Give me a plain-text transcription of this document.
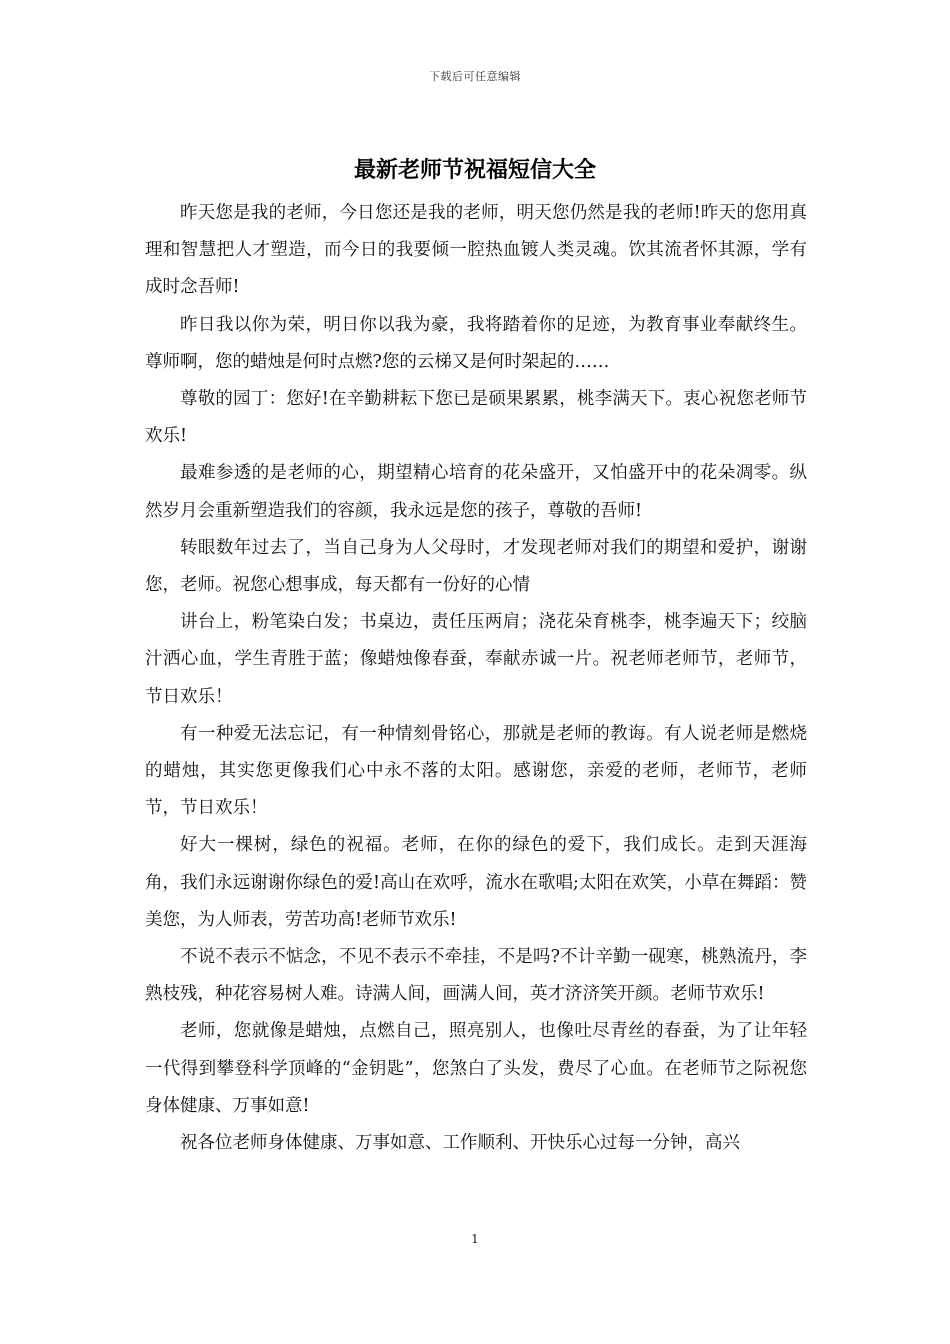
下载后可任意编辑
最新老师节祝福短信大全

昨天您是我的老师，今日您还是我的老师，明天您仍然是我的老师!昨天的您用真理和智慧把人才塑造，而今日的我要倾一腔热血镀人类灵魂。饮其流者怀其源，学有成时念吾师!

昨日我以你为荣，明日你以我为豪，我将踏着你的足迹，为教育事业奉献终生。尊师啊，您的蜡烛是何时点燃?您的云梯又是何时架起的……

尊敬的园丁：您好!在辛勤耕耘下您已是硕果累累，桃李满天下。衷心祝您老师节欢乐!

最难参透的是老师的心，期望精心培育的花朵盛开，又怕盛开中的花朵凋零。纵然岁月会重新塑造我们的容颜，我永远是您的孩子，尊敬的吾师!

转眼数年过去了，当自己身为人父母时，才发现老师对我们的期望和爱护，谢谢您，老师。祝您心想事成，每天都有一份好的心情

讲台上，粉笔染白发；书桌边，责任压两肩；浇花朵育桃李，桃李遍天下；绞脑汁洒心血，学生青胜于蓝；像蜡烛像春蚕，奉献赤诚一片。祝老师老师节，老师节，节日欢乐！

有一种爱无法忘记，有一种情刻骨铭心，那就是老师的教诲。有人说老师是燃烧的蜡烛，其实您更像我们心中永不落的太阳。感谢您，亲爱的老师，老师节，老师节，节日欢乐！

好大一棵树，绿色的祝福。老师，在你的绿色的爱下，我们成长。走到天涯海角，我们永远谢谢你绿色的爱!高山在欢呼，流水在歌唱;太阳在欢笑，小草在舞蹈：赞美您，为人师表，劳苦功高!老师节欢乐!

不说不表示不惦念，不见不表示不牵挂，不是吗?不计辛勤一砚寒，桃熟流丹，李熟枝残，种花容易树人难。诗满人间，画满人间，英才济济笑开颜。老师节欢乐!

老师，您就像是蜡烛，点燃自己，照亮别人，也像吐尽青丝的春蚕，为了让年轻一代得到攀登科学顶峰的“金钥匙”，您煞白了头发，费尽了心血。在老师节之际祝您身体健康、万事如意!

祝各位老师身体健康、万事如意、工作顺利、开快乐心过每一分钟，高兴

1
